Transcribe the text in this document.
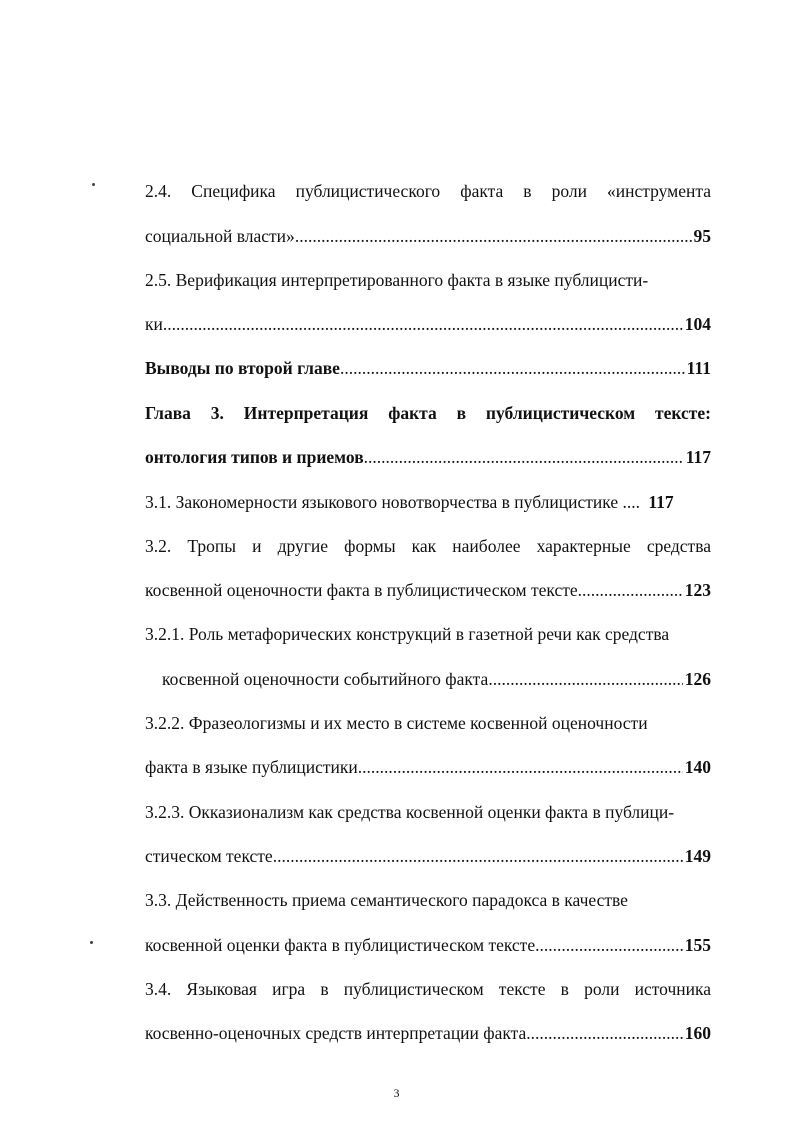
2.4. Специфика публицистического факта в роли «инструмента
социальной власти» .....	95
2.5. Верификация интерпретированного факта в языке публицисти-
ки .....	104
Выводы по второй главе .....	111
Глава 3. Интерпретация факта в публицистическом тексте:
онтология типов и приемов .....	117
3.1. Закономерности языкового новотворчества в публицистике .... 117
3.2. Тропы и другие формы как наиболее характерные средства
косвенной оценочности факта в публицистическом тексте .....	123
3.2.1. Роль метафорических конструкций в газетной речи как средства
косвенной оценочности событийного факта .....	126
3.2.2. Фразеологизмы и их место в системе косвенной оценочности
факта в языке публицистики .....	140
3.2.3. Окказионализм как средства косвенной оценки факта в публици-
стическом тексте .....	149
3.3. Действенность приема семантического парадокса в качестве
косвенной оценки факта в публицистическом тексте .....	155
3.4. Языковая игра в публицистическом тексте в роли источника
косвенно-оценочных средств интерпретации факта .....	160
3
